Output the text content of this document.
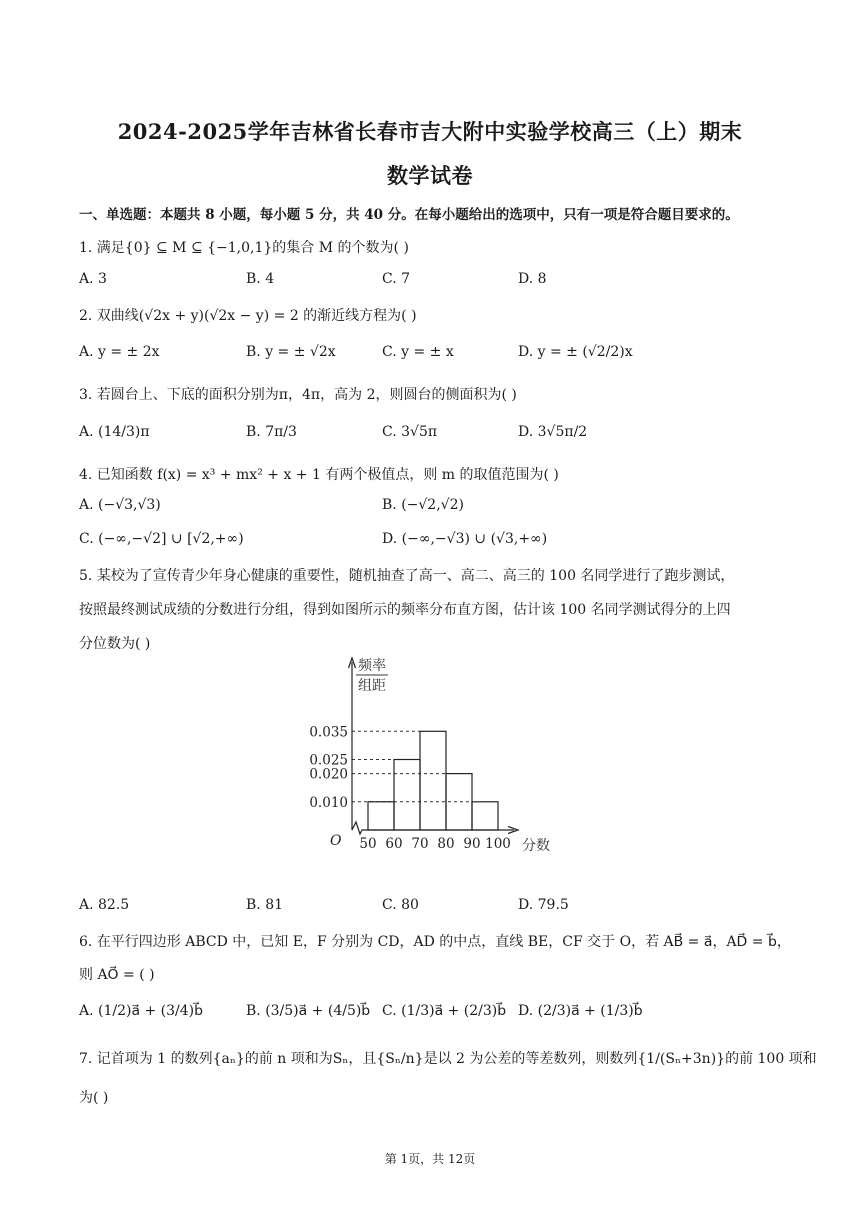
2024-2025学年吉林省长春市吉大附中实验学校高三（上）期末
数学试卷
一、单选题：本题共 8 小题，每小题 5 分，共 40 分。在每小题给出的选项中，只有一项是符合题目要求的。
1. 满足{0} ⊆ M ⊆ {−1,0,1}的集合 M 的个数为( )
A. 3	B. 4	C. 7	D. 8
2. 双曲线(√2x + y)(√2x − y) = 2 的渐近线方程为( )
A. y = ± 2x	B. y = ± √2x	C. y = ± x	D. y = ± (√2/2)x
3. 若圆台上、下底的面积分别为π，4π，高为 2，则圆台的侧面积为( )
A. (14/3)π	B. 7π/3	C. 3√5π	D. 3√5π/2
4. 已知函数 f(x) = x³ + mx² + x + 1 有两个极值点，则 m 的取值范围为( )
A. (−√3,√3)	B. (−√2,√2)
C. (−∞,−√2] ∪ [√2,+∞)	D. (−∞,−√3) ∪ (√3,+∞)
5. 某校为了宣传青少年身心健康的重要性，随机抽查了高一、高二、高三的 100 名同学进行了跑步测试，
按照最终测试成绩的分数进行分组，得到如图所示的频率分布直方图，估计该 100 名同学测试得分的上四
分位数为( )
频率
组距
O	分数
0.010
0.020
0.025
0.035
50 60 70 80 90 100
A. 82.5	B. 81	C. 80	D. 79.5
6. 在平行四边形 ABCD 中，已知 E，F 分别为 CD，AD 的中点，直线 BE，CF 交于 O，若 AB⃗ = a⃗，AD⃗ = b⃗，
则 AO⃗ = ( )
A. (1/2)a⃗ + (3/4)b⃗	B. (3/5)a⃗ + (4/5)b⃗ C. (1/3)a⃗ + (2/3)b⃗ D. (2/3)a⃗ + (1/3)b⃗
7. 记首项为 1 的数列{aₙ}的前 n 项和为Sₙ，且{Sₙ/n}是以 2 为公差的等差数列，则数列{1/(Sₙ+3n)}的前 100 项和
为( )
第 1页，共 12页
